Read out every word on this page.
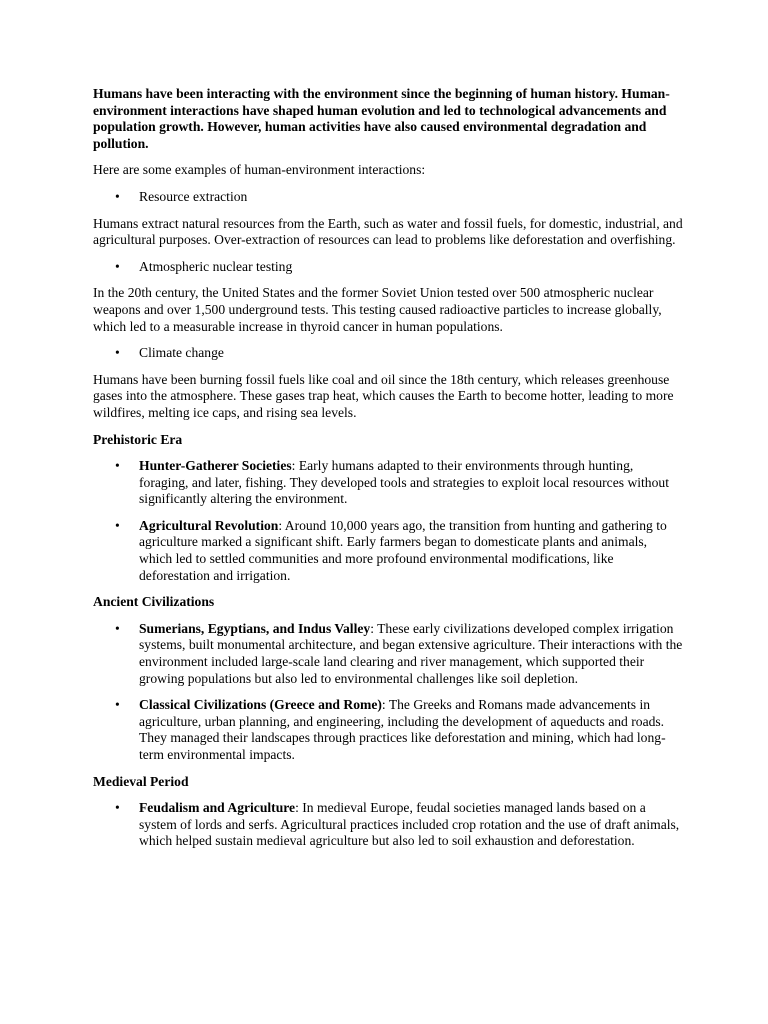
Humans have been interacting with the environment since the beginning of human history. Human-environment interactions have shaped human evolution and led to technological advancements and population growth. However, human activities have also caused environmental degradation and pollution.

Here are some examples of human-environment interactions:

• Resource extraction

Humans extract natural resources from the Earth, such as water and fossil fuels, for domestic, industrial, and agricultural purposes. Over-extraction of resources can lead to problems like deforestation and overfishing.

• Atmospheric nuclear testing

In the 20th century, the United States and the former Soviet Union tested over 500 atmospheric nuclear weapons and over 1,500 underground tests. This testing caused radioactive particles to increase globally, which led to a measurable increase in thyroid cancer in human populations.

• Climate change

Humans have been burning fossil fuels like coal and oil since the 18th century, which releases greenhouse gases into the atmosphere. These gases trap heat, which causes the Earth to become hotter, leading to more wildfires, melting ice caps, and rising sea levels.

Prehistoric Era

• Hunter-Gatherer Societies: Early humans adapted to their environments through hunting, foraging, and later, fishing. They developed tools and strategies to exploit local resources without significantly altering the environment.
• Agricultural Revolution: Around 10,000 years ago, the transition from hunting and gathering to agriculture marked a significant shift. Early farmers began to domesticate plants and animals, which led to settled communities and more profound environmental modifications, like deforestation and irrigation.

Ancient Civilizations

• Sumerians, Egyptians, and Indus Valley: These early civilizations developed complex irrigation systems, built monumental architecture, and began extensive agriculture. Their interactions with the environment included large-scale land clearing and river management, which supported their growing populations but also led to environmental challenges like soil depletion.
• Classical Civilizations (Greece and Rome): The Greeks and Romans made advancements in agriculture, urban planning, and engineering, including the development of aqueducts and roads. They managed their landscapes through practices like deforestation and mining, which had long-term environmental impacts.

Medieval Period

• Feudalism and Agriculture: In medieval Europe, feudal societies managed lands based on a system of lords and serfs. Agricultural practices included crop rotation and the use of draft animals, which helped sustain medieval agriculture but also led to soil exhaustion and deforestation.
